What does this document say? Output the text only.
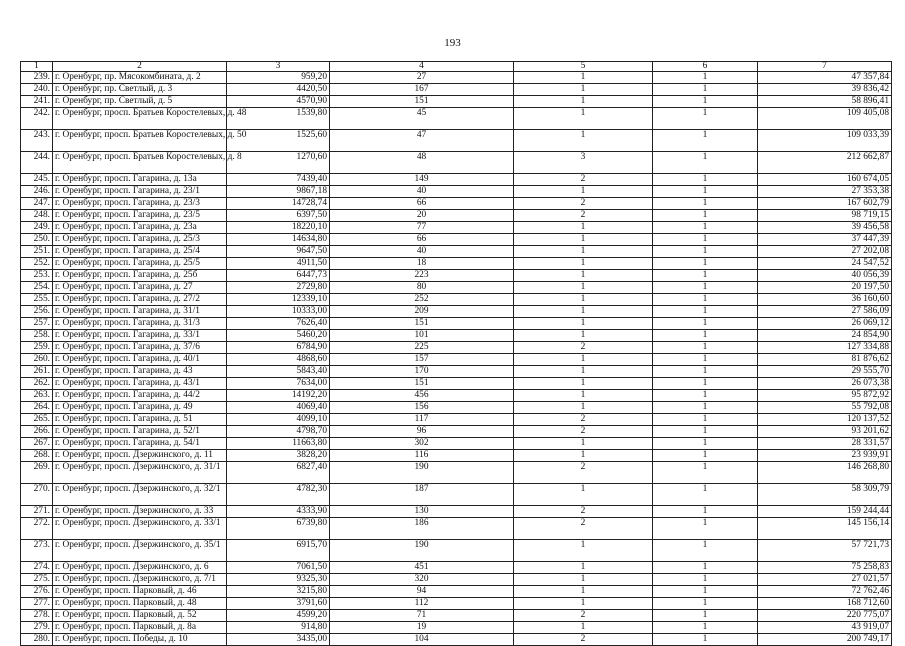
193
1	2	3	4	5	6	7
239.	г. Оренбург, пр. Мясокомбината, д. 2	959,20	27	1	1	47 357,84
240.	г. Оренбург, пр. Светлый, д. 3	4420,50	167	1	1	39 836,42
241.	г. Оренбург, пр. Светлый, д. 5	4570,90	151	1	1	58 896,41
242.	г. Оренбург, просп. Братьев Коростелевых, д. 48	1539,80	45	1	1	109 405,08
243.	г. Оренбург, просп. Братьев Коростелевых, д. 50	1525,60	47	1	1	109 033,39
244.	г. Оренбург, просп. Братьев Коростелевых, д. 8	1270,60	48	3	1	212 662,87
245.	г. Оренбург, просп. Гагарина, д. 13а	7439,40	149	2	1	160 674,05
246.	г. Оренбург, просп. Гагарина, д. 23/1	9867,18	40	1	1	27 353,38
247.	г. Оренбург, просп. Гагарина, д. 23/3	14728,74	66	2	1	167 602,79
248.	г. Оренбург, просп. Гагарина, д. 23/5	6397,50	20	2	1	98 719,15
249.	г. Оренбург, просп. Гагарина, д. 23а	18220,10	77	1	1	39 456,58
250.	г. Оренбург, просп. Гагарина, д. 25/3	14634,80	66	1	1	37 447,39
251.	г. Оренбург, просп. Гагарина, д. 25/4	9647,50	40	1	1	27 202,08
252.	г. Оренбург, просп. Гагарина, д. 25/5	4911,50	18	1	1	24 547,52
253.	г. Оренбург, просп. Гагарина, д. 25б	6447,73	223	1	1	40 056,39
254.	г. Оренбург, просп. Гагарина, д. 27	2729,80	80	1	1	20 197,50
255.	г. Оренбург, просп. Гагарина, д. 27/2	12339,10	252	1	1	36 160,60
256.	г. Оренбург, просп. Гагарина, д. 31/1	10333,00	209	1	1	27 586,09
257.	г. Оренбург, просп. Гагарина, д. 31/3	7626,40	151	1	1	26 069,12
258.	г. Оренбург, просп. Гагарина, д. 33/1	5460,20	101	1	1	24 854,90
259.	г. Оренбург, просп. Гагарина, д. 37/6	6784,90	225	2	1	127 334,88
260.	г. Оренбург, просп. Гагарина, д. 40/1	4868,60	157	1	1	81 876,62
261.	г. Оренбург, просп. Гагарина, д. 43	5843,40	170	1	1	29 555,70
262.	г. Оренбург, просп. Гагарина, д. 43/1	7634,00	151	1	1	26 073,38
263.	г. Оренбург, просп. Гагарина, д. 44/2	14192,20	456	1	1	95 872,92
264.	г. Оренбург, просп. Гагарина, д. 49	4069,40	156	1	1	55 792,08
265.	г. Оренбург, просп. Гагарина, д. 51	4099,10	117	2	1	120 137,52
266.	г. Оренбург, просп. Гагарина, д. 52/1	4798,70	96	2	1	93 201,62
267.	г. Оренбург, просп. Гагарина, д. 54/1	11663,80	302	1	1	28 331,57
268.	г. Оренбург, просп. Дзержинского, д. 11	3828,20	116	1	1	23 939,91
269.	г. Оренбург, просп. Дзержинского, д. 31/1	6827,40	190	2	1	146 268,80
270.	г. Оренбург, просп. Дзержинского, д. 32/1	4782,30	187	1	1	58 309,79
271.	г. Оренбург, просп. Дзержинского, д. 33	4333,90	130	2	1	159 244,44
272.	г. Оренбург, просп. Дзержинского, д. 33/1	6739,80	186	2	1	145 156,14
273.	г. Оренбург, просп. Дзержинского, д. 35/1	6915,70	190	1	1	57 721,73
274.	г. Оренбург, просп. Дзержинского, д. 6	7061,50	451	1	1	75 258,83
275.	г. Оренбург, просп. Дзержинского, д. 7/1	9325,30	320	1	1	27 021,57
276.	г. Оренбург, просп. Парковый, д. 46	3215,80	94	1	1	72 762,46
277.	г. Оренбург, просп. Парковый, д. 48	3791,60	112	1	1	168 712,60
278.	г. Оренбург, просп. Парковый, д. 52	4599,20	71	2	1	220 775,07
279.	г. Оренбург, просп. Парковый, д. 8а	914,80	19	1	1	43 919,07
280.	г. Оренбург, просп. Победы, д. 10	3435,00	104	2	1	200 749,17
